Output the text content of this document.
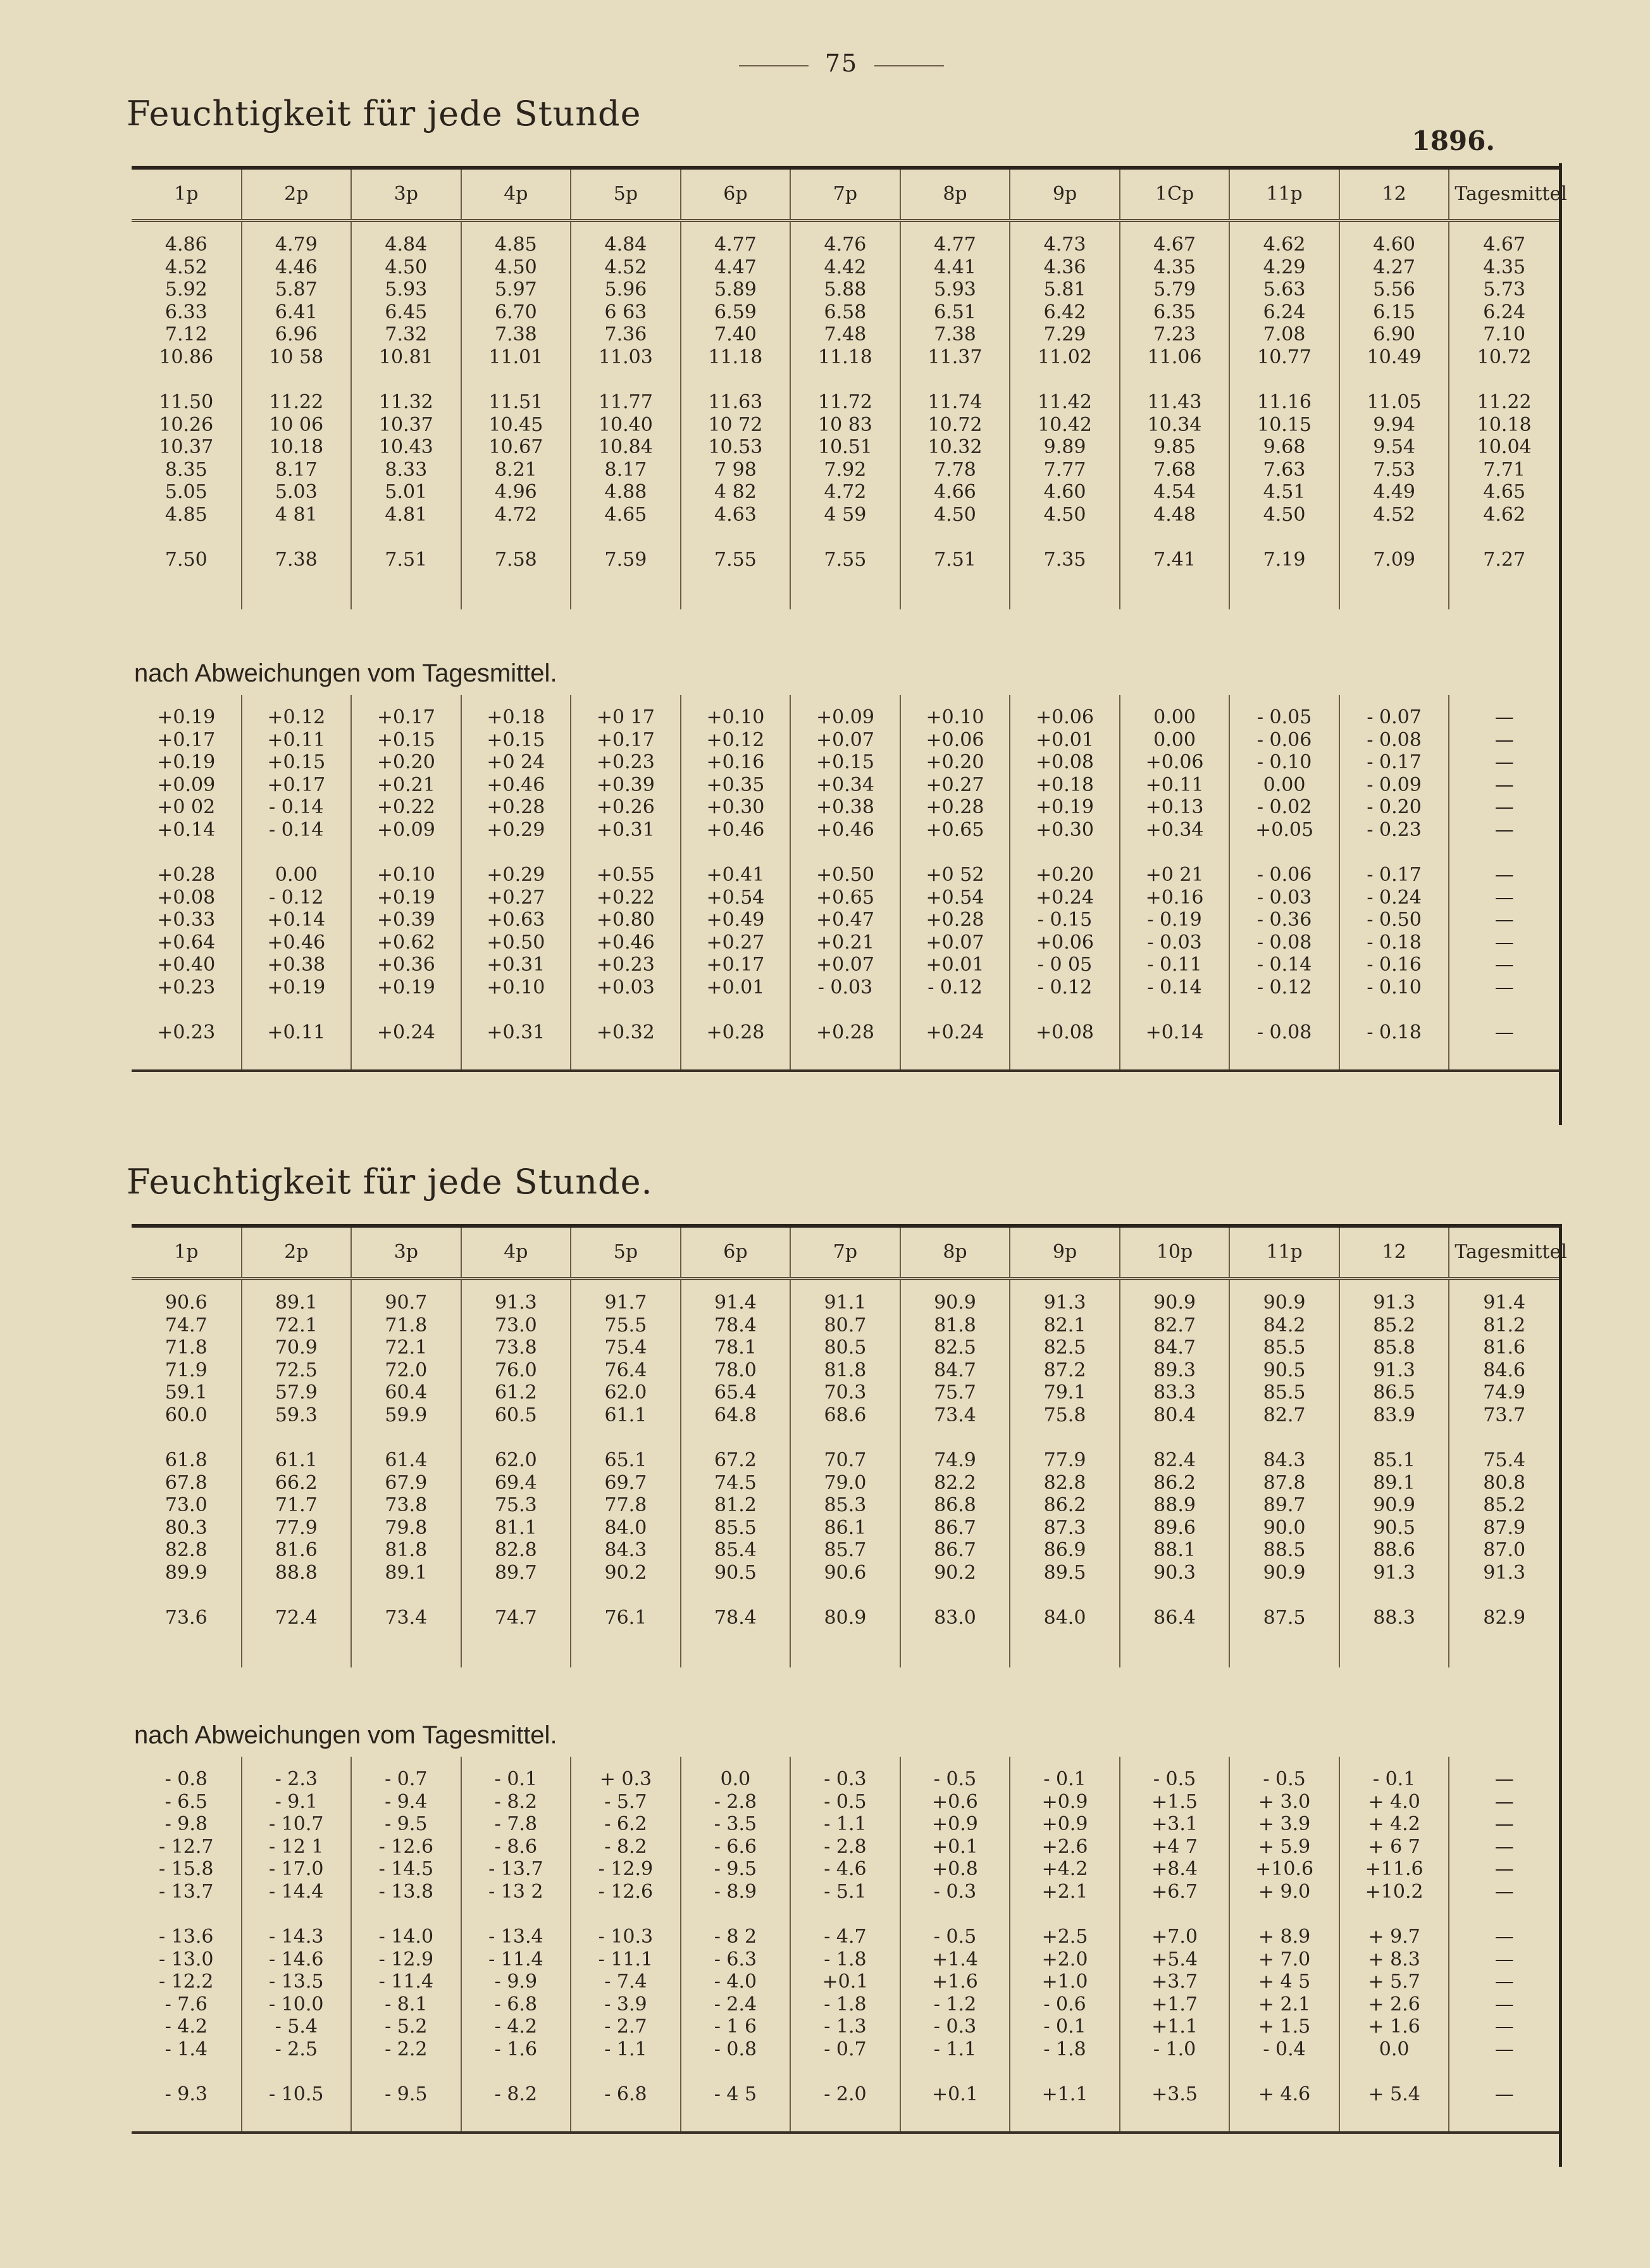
75
Feuchtigkeit für jede Stunde
1896.
1p	2p	3p	4p	5p	6p	7p	8p	9p	1Cp	11p	12	Tagesmittel

4.86	4.79	4.84	4.85	4.84	4.77	4.76	4.77	4.73	4.67	4.62	4.60	4.67
4.52	4.46	4.50	4.50	4.52	4.47	4.42	4.41	4.36	4.35	4.29	4.27	4.35
5.92	5.87	5.93	5.97	5.96	5.89	5.88	5.93	5.81	5.79	5.63	5.56	5.73
6.33	6.41	6.45	6.70	6 63	6.59	6.58	6.51	6.42	6.35	6.24	6.15	6.24
7.12	6.96	7.32	7.38	7.36	7.40	7.48	7.38	7.29	7.23	7.08	6.90	7.10
10.86	10 58	10.81	11.01	11.03	11.18	11.18	11.37	11.02	11.06	10.77	10.49	10.72

11.50	11.22	11.32	11.51	11.77	11.63	11.72	11.74	11.42	11.43	11.16	11.05	11.22
10.26	10 06	10.37	10.45	10.40	10 72	10 83	10.72	10.42	10.34	10.15	9.94	10.18
10.37	10.18	10.43	10.67	10.84	10.53	10.51	10.32	9.89	9.85	9.68	9.54	10.04
8.35	8.17	8.33	8.21	8.17	7 98	7.92	7.78	7.77	7.68	7.63	7.53	7.71
5.05	5.03	5.01	4.96	4.88	4 82	4.72	4.66	4.60	4.54	4.51	4.49	4.65
4.85	4 81	4.81	4.72	4.65	4.63	4 59	4.50	4.50	4.48	4.50	4.52	4.62

7.50	7.38	7.51	7.58	7.59	7.55	7.55	7.51	7.35	7.41	7.19	7.09	7.27

nach Abweichungen vom Tagesmittel.

+0.19	+0.12	+0.17	+0.18	+0 17	+0.10	+0.09	+0.10	+0.06	0.00	- 0.05	- 0.07	—
+0.17	+0.11	+0.15	+0.15	+0.17	+0.12	+0.07	+0.06	+0.01	0.00	- 0.06	- 0.08	—
+0.19	+0.15	+0.20	+0 24	+0.23	+0.16	+0.15	+0.20	+0.08	+0.06	- 0.10	- 0.17	—
+0.09	+0.17	+0.21	+0.46	+0.39	+0.35	+0.34	+0.27	+0.18	+0.11	0.00	- 0.09	—
+0 02	- 0.14	+0.22	+0.28	+0.26	+0.30	+0.38	+0.28	+0.19	+0.13	- 0.02	- 0.20	—
+0.14	- 0.14	+0.09	+0.29	+0.31	+0.46	+0.46	+0.65	+0.30	+0.34	+0.05	- 0.23	—

+0.28	0.00	+0.10	+0.29	+0.55	+0.41	+0.50	+0 52	+0.20	+0 21	- 0.06	- 0.17	—
+0.08	- 0.12	+0.19	+0.27	+0.22	+0.54	+0.65	+0.54	+0.24	+0.16	- 0.03	- 0.24	—
+0.33	+0.14	+0.39	+0.63	+0.80	+0.49	+0.47	+0.28	- 0.15	- 0.19	- 0.36	- 0.50	—
+0.64	+0.46	+0.62	+0.50	+0.46	+0.27	+0.21	+0.07	+0.06	- 0.03	- 0.08	- 0.18	—
+0.40	+0.38	+0.36	+0.31	+0.23	+0.17	+0.07	+0.01	- 0 05	- 0.11	- 0.14	- 0.16	—
+0.23	+0.19	+0.19	+0.10	+0.03	+0.01	- 0.03	- 0.12	- 0.12	- 0.14	- 0.12	- 0.10	—

+0.23	+0.11	+0.24	+0.31	+0.32	+0.28	+0.28	+0.24	+0.08	+0.14	- 0.08	- 0.18	—

Feuchtigkeit für jede Stunde.
1p	2p	3p	4p	5p	6p	7p	8p	9p	10p	11p	12	Tagesmittel

90.6	89.1	90.7	91.3	91.7	91.4	91.1	90.9	91.3	90.9	90.9	91.3	91.4
74.7	72.1	71.8	73.0	75.5	78.4	80.7	81.8	82.1	82.7	84.2	85.2	81.2
71.8	70.9	72.1	73.8	75.4	78.1	80.5	82.5	82.5	84.7	85.5	85.8	81.6
71.9	72.5	72.0	76.0	76.4	78.0	81.8	84.7	87.2	89.3	90.5	91.3	84.6
59.1	57.9	60.4	61.2	62.0	65.4	70.3	75.7	79.1	83.3	85.5	86.5	74.9
60.0	59.3	59.9	60.5	61.1	64.8	68.6	73.4	75.8	80.4	82.7	83.9	73.7

61.8	61.1	61.4	62.0	65.1	67.2	70.7	74.9	77.9	82.4	84.3	85.1	75.4
67.8	66.2	67.9	69.4	69.7	74.5	79.0	82.2	82.8	86.2	87.8	89.1	80.8
73.0	71.7	73.8	75.3	77.8	81.2	85.3	86.8	86.2	88.9	89.7	90.9	85.2
80.3	77.9	79.8	81.1	84.0	85.5	86.1	86.7	87.3	89.6	90.0	90.5	87.9
82.8	81.6	81.8	82.8	84.3	85.4	85.7	86.7	86.9	88.1	88.5	88.6	87.0
89.9	88.8	89.1	89.7	90.2	90.5	90.6	90.2	89.5	90.3	90.9	91.3	91.3

73.6	72.4	73.4	74.7	76.1	78.4	80.9	83.0	84.0	86.4	87.5	88.3	82.9

nach Abweichungen vom Tagesmittel.

- 0.8	- 2.3	- 0.7	- 0.1	+ 0.3	0.0	- 0.3	- 0.5	- 0.1	- 0.5	- 0.5	- 0.1	—
- 6.5	- 9.1	- 9.4	- 8.2	- 5.7	- 2.8	- 0.5	+0.6	+0.9	+1.5	+ 3.0	+ 4.0	—
- 9.8	- 10.7	- 9.5	- 7.8	- 6.2	- 3.5	- 1.1	+0.9	+0.9	+3.1	+ 3.9	+ 4.2	—
- 12.7	- 12 1	- 12.6	- 8.6	- 8.2	- 6.6	- 2.8	+0.1	+2.6	+4 7	+ 5.9	+ 6 7	—
- 15.8	- 17.0	- 14.5	- 13.7	- 12.9	- 9.5	- 4.6	+0.8	+4.2	+8.4	+10.6	+11.6	—
- 13.7	- 14.4	- 13.8	- 13 2	- 12.6	- 8.9	- 5.1	- 0.3	+2.1	+6.7	+ 9.0	+10.2	—

- 13.6	- 14.3	- 14.0	- 13.4	- 10.3	- 8 2	- 4.7	- 0.5	+2.5	+7.0	+ 8.9	+ 9.7	—
- 13.0	- 14.6	- 12.9	- 11.4	- 11.1	- 6.3	- 1.8	+1.4	+2.0	+5.4	+ 7.0	+ 8.3	—
- 12.2	- 13.5	- 11.4	- 9.9	- 7.4	- 4.0	+0.1	+1.6	+1.0	+3.7	+ 4 5	+ 5.7	—
- 7.6	- 10.0	- 8.1	- 6.8	- 3.9	- 2.4	- 1.8	- 1.2	- 0.6	+1.7	+ 2.1	+ 2.6	—
- 4.2	- 5.4	- 5.2	- 4.2	- 2.7	- 1 6	- 1.3	- 0.3	- 0.1	+1.1	+ 1.5	+ 1.6	—
- 1.4	- 2.5	- 2.2	- 1.6	- 1.1	- 0.8	- 0.7	- 1.1	- 1.8	- 1.0	- 0.4	0.0	—

- 9.3	- 10.5	- 9.5	- 8.2	- 6.8	- 4 5	- 2.0	+0.1	+1.1	+3.5	+ 4.6	+ 5.4	—
